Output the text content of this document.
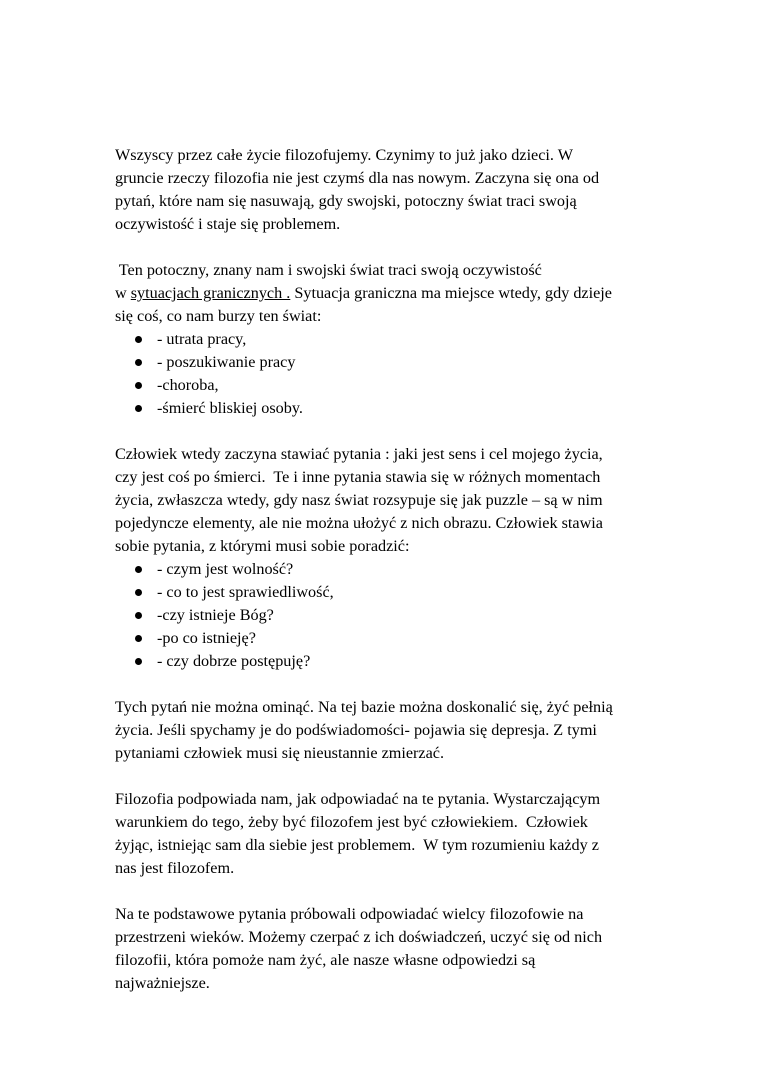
Wszyscy przez całe życie filozofujemy. Czynimy to już jako dzieci. W
gruncie rzeczy filozofia nie jest czymś dla nas nowym. Zaczyna się ona od
pytań, które nam się nasuwają, gdy swojski, potoczny świat traci swoją
oczywistość i staje się problemem.

Ten potoczny, znany nam i swojski świat traci swoją oczywistość
w sytuacjach granicznych . Sytuacja graniczna ma miejsce wtedy, gdy dzieje
się coś, co nam burzy ten świat:

- utrata pracy,
- poszukiwanie pracy
-choroba,
-śmierć bliskiej osoby.

Człowiek wtedy zaczyna stawiać pytania : jaki jest sens i cel mojego życia,
czy jest coś po śmierci.  Te i inne pytania stawia się w różnych momentach
życia, zwłaszcza wtedy, gdy nasz świat rozsypuje się jak puzzle – są w nim
pojedyncze elementy, ale nie można ułożyć z nich obrazu. Człowiek stawia
sobie pytania, z którymi musi sobie poradzić:

- czym jest wolność?
- co to jest sprawiedliwość,
-czy istnieje Bóg?
-po co istnieję?
- czy dobrze postępuję?

Tych pytań nie można ominąć. Na tej bazie można doskonalić się, żyć pełnią
życia. Jeśli spychamy je do podświadomości- pojawia się depresja. Z tymi
pytaniami człowiek musi się nieustannie zmierzać.

Filozofia podpowiada nam, jak odpowiadać na te pytania. Wystarczającym
warunkiem do tego, żeby być filozofem jest być człowiekiem.  Człowiek
żyjąc, istniejąc sam dla siebie jest problemem.  W tym rozumieniu każdy z
nas jest filozofem.

Na te podstawowe pytania próbowali odpowiadać wielcy filozofowie na
przestrzeni wieków. Możemy czerpać z ich doświadczeń, uczyć się od nich
filozofii, która pomoże nam żyć, ale nasze własne odpowiedzi są
najważniejsze.
